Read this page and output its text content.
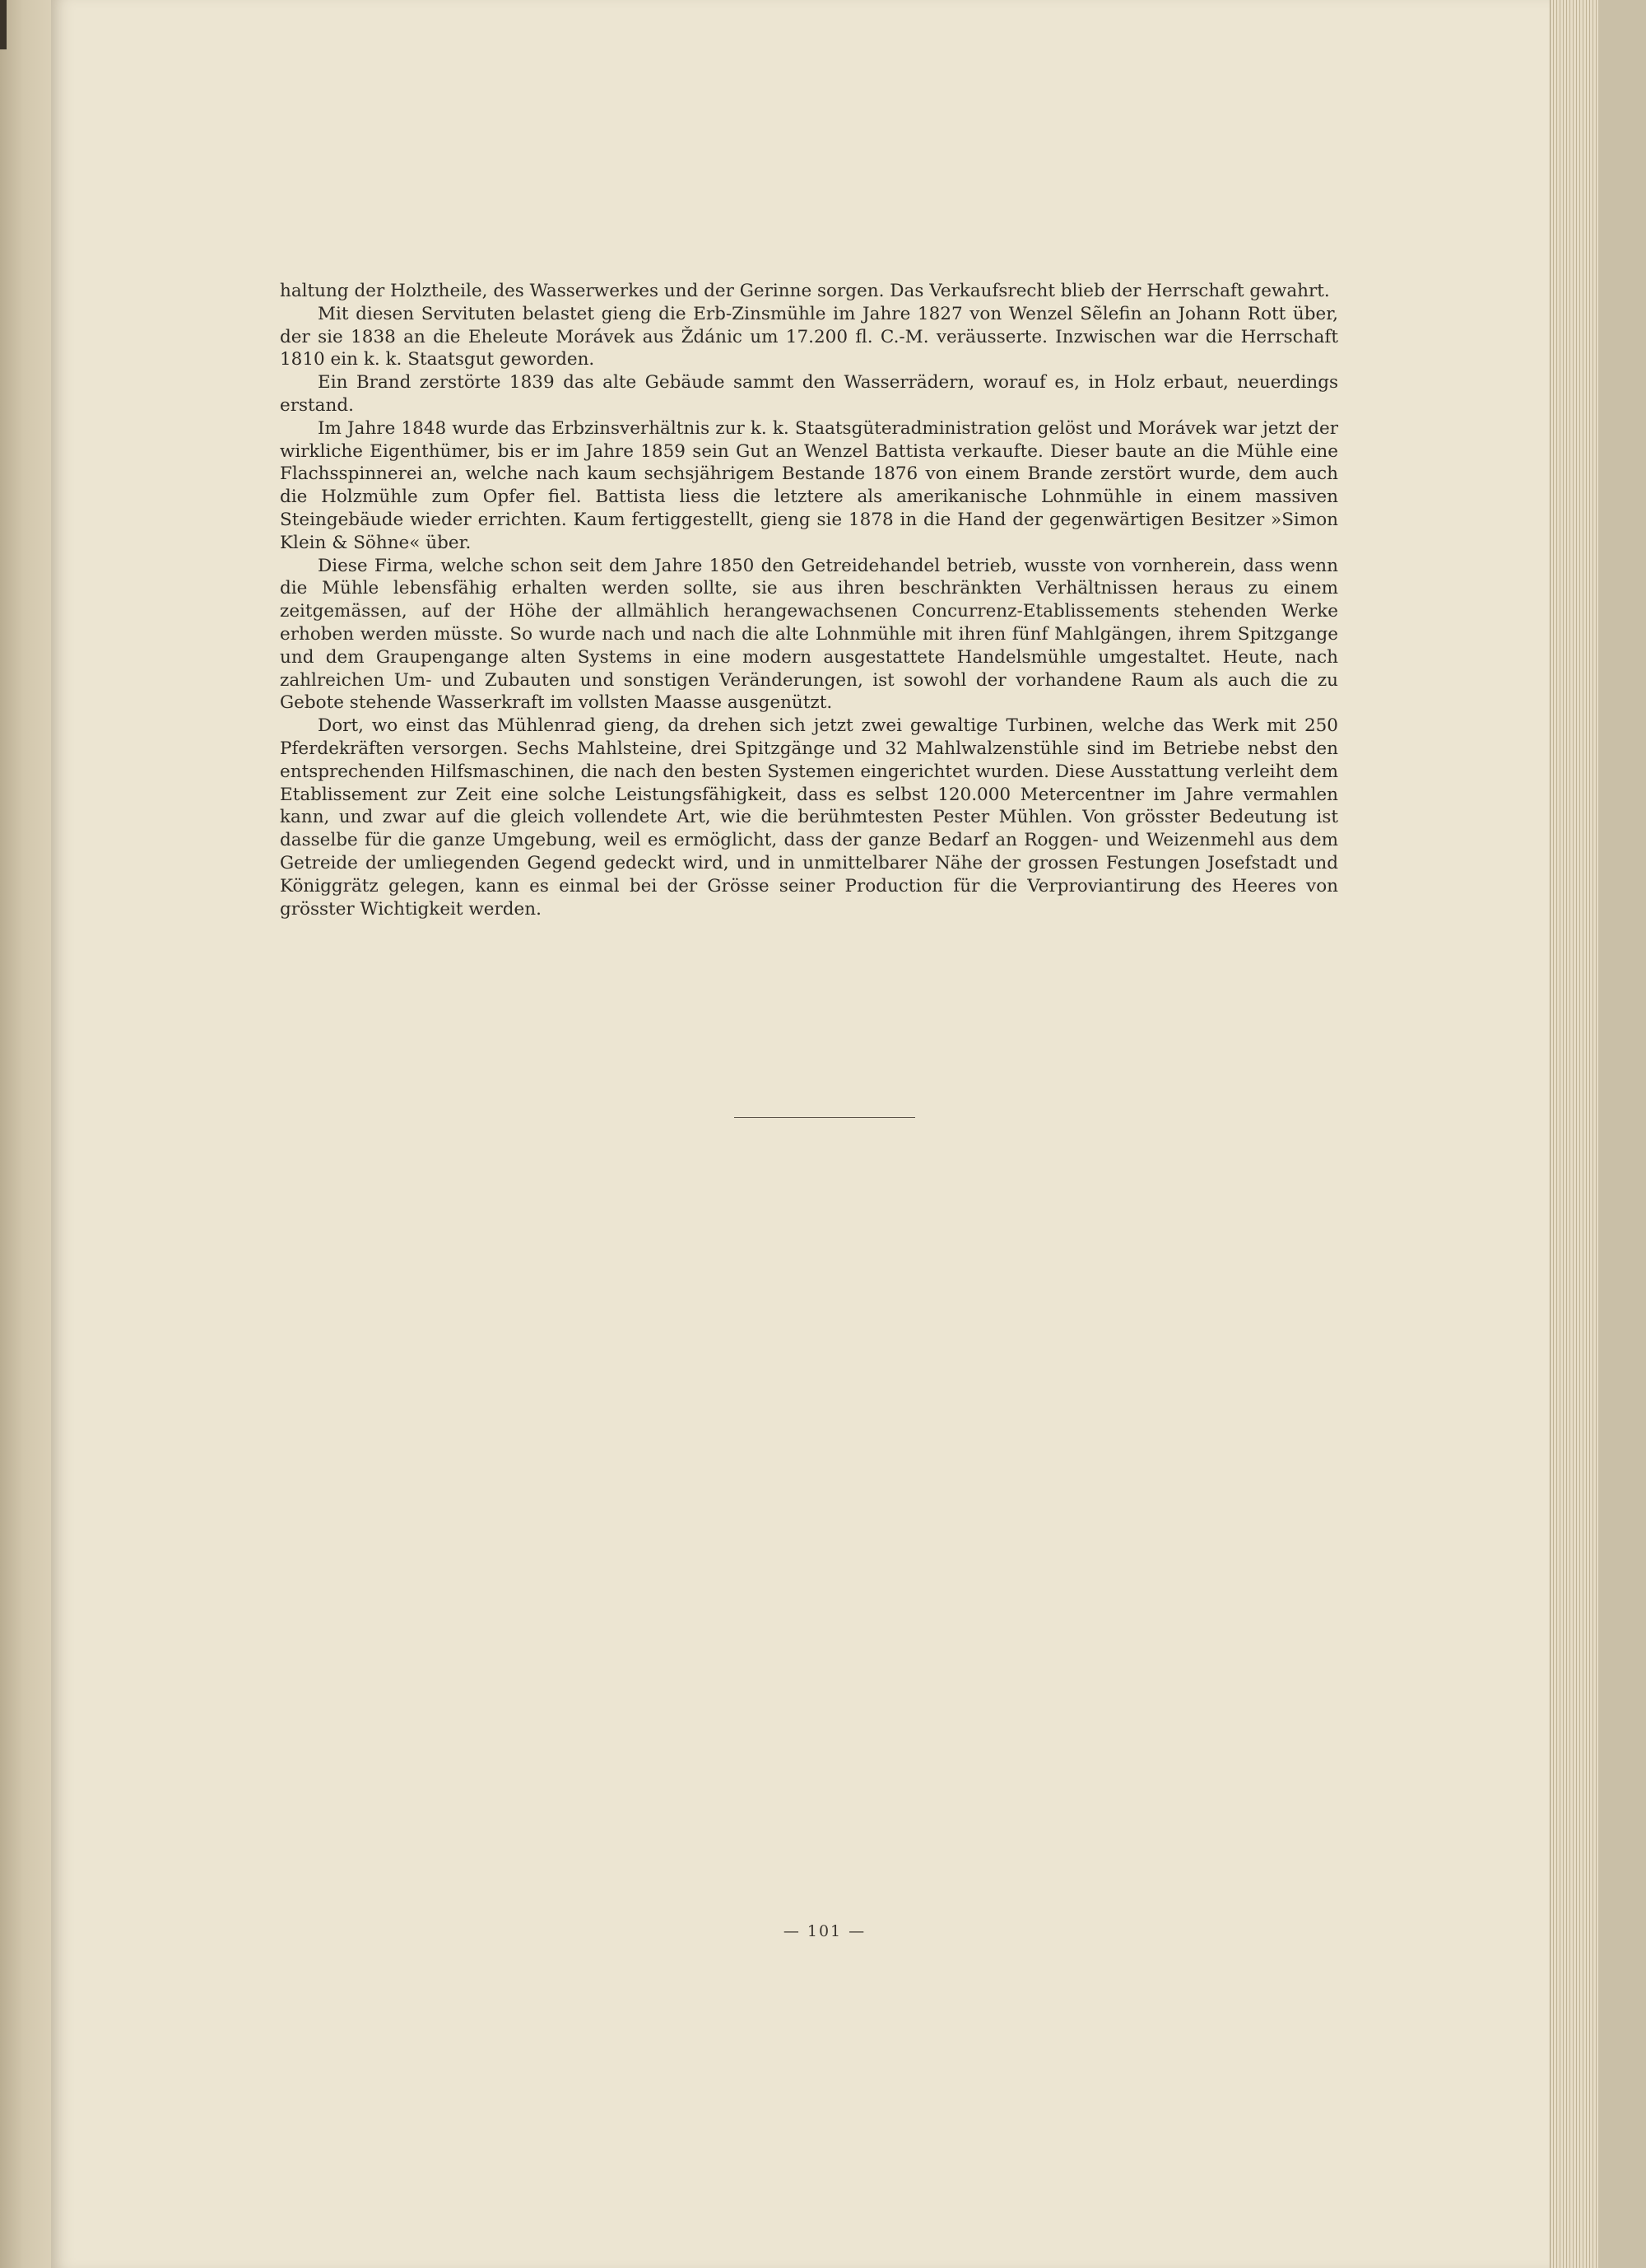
haltung der Holztheile, des Wasserwerkes und der Gerinne sorgen. Das Verkaufsrecht blieb der Herrschaft gewahrt.

Mit diesen Servituten belastet gieng die Erb-Zinsmühle im Jahre 1827 von Wenzel Sẽlefin an Johann Rott über, der sie 1838 an die Eheleute Morávek aus Ždánic um 17.200 fl. C.-M. veräusserte. Inzwischen war die Herrschaft 1810 ein k. k. Staatsgut geworden.

Ein Brand zerstörte 1839 das alte Gebäude sammt den Wasserrädern, worauf es, in Holz erbaut, neuerdings erstand.

Im Jahre 1848 wurde das Erbzinsverhältnis zur k. k. Staatsgüteradministration gelöst und Morávek war jetzt der wirkliche Eigenthümer, bis er im Jahre 1859 sein Gut an Wenzel Battista verkaufte. Dieser baute an die Mühle eine Flachsspinnerei an, welche nach kaum sechsjährigem Bestande 1876 von einem Brande zerstört wurde, dem auch die Holzmühle zum Opfer fiel. Battista liess die letztere als amerikanische Lohnmühle in einem massiven Steingebäude wieder errichten. Kaum fertiggestellt, gieng sie 1878 in die Hand der gegenwärtigen Besitzer »Simon Klein & Söhne« über.

Diese Firma, welche schon seit dem Jahre 1850 den Getreidehandel betrieb, wusste von vornherein, dass wenn die Mühle lebensfähig erhalten werden sollte, sie aus ihren beschränkten Verhältnissen heraus zu einem zeitgemässen, auf der Höhe der allmählich herangewachsenen Concurrenz-Etablissements stehenden Werke erhoben werden müsste. So wurde nach und nach die alte Lohnmühle mit ihren fünf Mahlgängen, ihrem Spitzgange und dem Graupengange alten Systems in eine modern ausgestattete Handelsmühle umgestaltet. Heute, nach zahlreichen Um- und Zubauten und sonstigen Veränderungen, ist sowohl der vorhandene Raum als auch die zu Gebote stehende Wasserkraft im vollsten Maasse ausgenützt.

Dort, wo einst das Mühlenrad gieng, da drehen sich jetzt zwei gewaltige Turbinen, welche das Werk mit 250 Pferdekräften versorgen. Sechs Mahlsteine, drei Spitzgänge und 32 Mahlwalzenstühle sind im Betriebe nebst den entsprechenden Hilfsmaschinen, die nach den besten Systemen eingerichtet wurden. Diese Ausstattung verleiht dem Etablissement zur Zeit eine solche Leistungsfähigkeit, dass es selbst 120.000 Metercentner im Jahre vermahlen kann, und zwar auf die gleich vollendete Art, wie die berühmtesten Pester Mühlen. Von grösster Bedeutung ist dasselbe für die ganze Umgebung, weil es ermöglicht, dass der ganze Bedarf an Roggen- und Weizenmehl aus dem Getreide der umliegenden Gegend gedeckt wird, und in unmittelbarer Nähe der grossen Festungen Josefstadt und Königgrätz gelegen, kann es einmal bei der Grösse seiner Production für die Verproviantirung des Heeres von grösster Wichtigkeit werden.

— 101 —
